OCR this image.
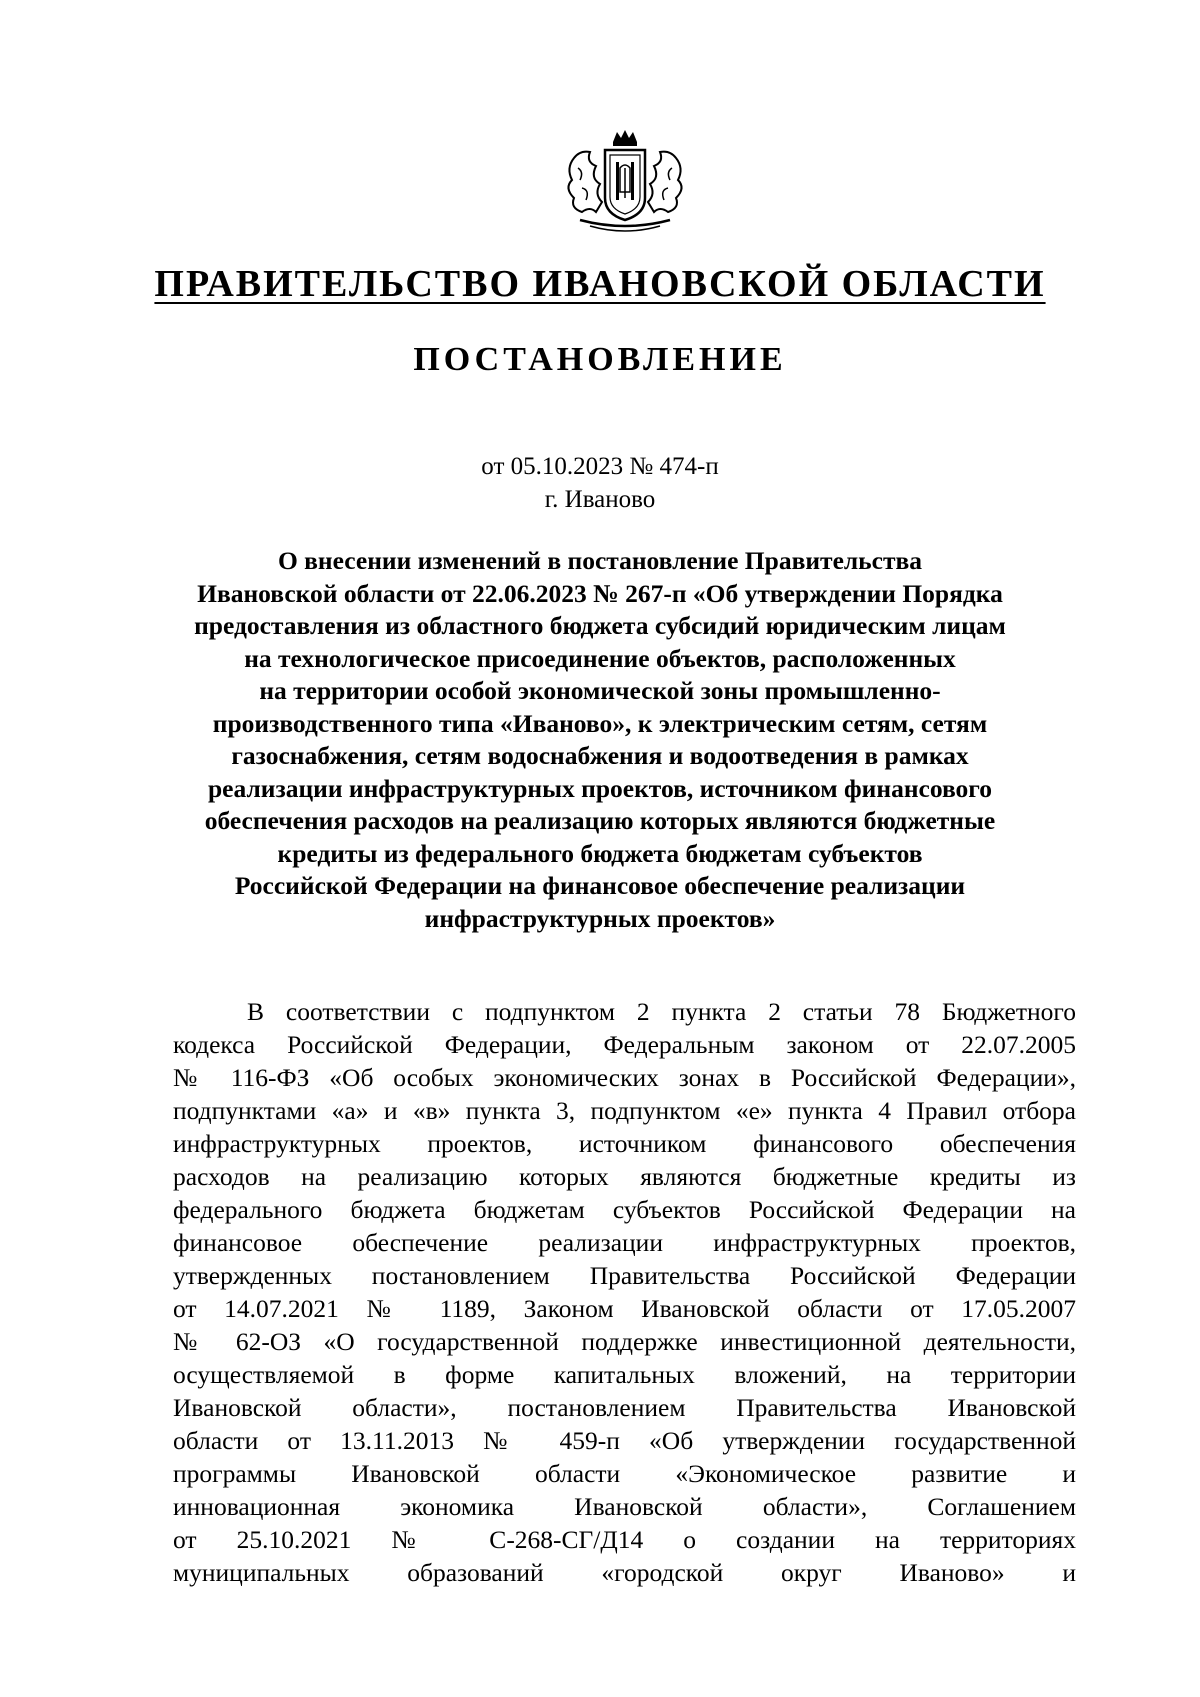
ПРАВИТЕЛЬСТВО ИВАНОВСКОЙ ОБЛАСТИ
ПОСТАНОВЛЕНИЕ
от 05.10.2023 № 474-п
г. Иваново
О внесении изменений в постановление Правительства
Ивановской области от 22.06.2023 № 267-п «Об утверждении Порядка
предоставления из областного бюджета субсидий юридическим лицам
на технологическое присоединение объектов, расположенных
на территории особой экономической зоны промышленно-
производственного типа «Иваново», к электрическим сетям, сетям
газоснабжения, сетям водоснабжения и водоотведения в рамках
реализации инфраструктурных проектов, источником финансового
обеспечения расходов на реализацию которых являются бюджетные
кредиты из федерального бюджета бюджетам субъектов
Российской Федерации на финансовое обеспечение реализации
инфраструктурных проектов»
В соответствии с подпунктом 2 пункта 2 статьи 78 Бюджетного
кодекса Российской Федерации, Федеральным законом от 22.07.2005
№ 116-ФЗ «Об особых экономических зонах в Российской Федерации»,
подпунктами «а» и «в» пункта 3, подпунктом «е» пункта 4 Правил отбора
инфраструктурных проектов, источником финансового обеспечения
расходов на реализацию которых являются бюджетные кредиты из
федерального бюджета бюджетам субъектов Российской Федерации на
финансовое обеспечение реализации инфраструктурных проектов,
утвержденных постановлением Правительства Российской Федерации
от 14.07.2021 № 1189, Законом Ивановской области от 17.05.2007
№ 62-ОЗ «О государственной поддержке инвестиционной деятельности,
осуществляемой в форме капитальных вложений, на территории
Ивановской области», постановлением Правительства Ивановской
области от 13.11.2013 № 459-п «Об утверждении государственной
программы Ивановской области «Экономическое развитие и
инновационная экономика Ивановской области», Соглашением
от 25.10.2021 № С-268-СГ/Д14 о создании на территориях
муниципальных образований «городской округ Иваново» и
